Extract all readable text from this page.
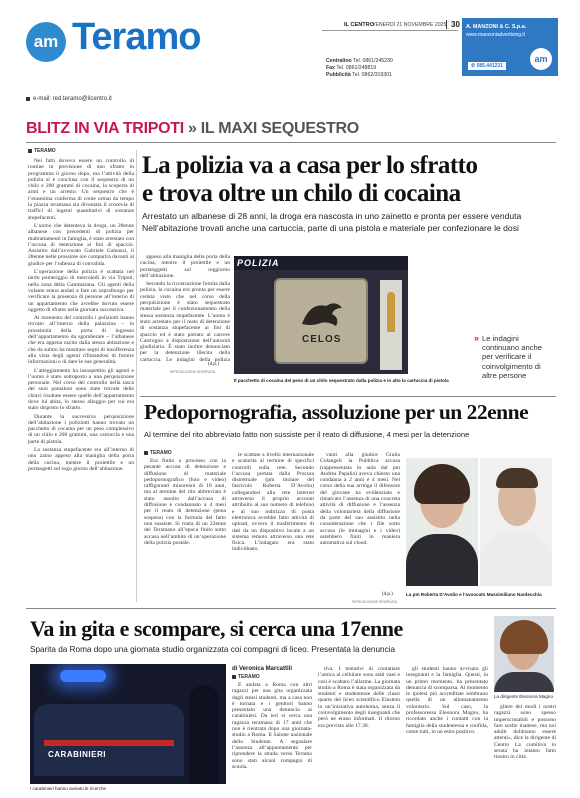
am Teramo	IL CENTRO
VENERDÌ 21 NOVEMBRE 2025 30
Centralino Tel. 0861/245230
Fax Tel. 0861/248819
Pubblicità Tel. 0862/319301
A. MANZONI & C. S.p.a.
www.manzoniadvertising.it
am
✆ 085.441231
e-mail: red.teramo@ilcentro.it
BLITZ IN VIA TRIPOTI » IL MAXI SEQUESTRO
TERAMO
La polizia va a casa per lo sfratto
e trova oltre un chilo di cocaina
Arrestato un albanese di 28 anni, la droga era nascosta in uno zainetto e pronta per essere venduta
Nell’abitazione trovati anche una cartuccia, parte di una pistola e materiale per confezionare le dosi

Nei fatti doveva essere un controllo di routine in previsione di uno sfratto in programma il giorno dopo, ma l’attività della polizia si è conclusa con il sequestro di un chilo e 200 grammi di cocaina, la scoperta di armi e un arresto. Un sequestro che è l’ennesima conferma di come ormai da tempo la piazza teramana sia diventata il crocevia di traffici di ingenti quantitativi di sostanze stupefacenti.

L’uomo che detenteva la droga, un 28enne albanese con precedenti di polizia per maltrattamenti in famiglia, è stato arrestato con l’accusa di detenzione ai fini di spaccio. Assistito dall’avvocato Gabriele Galeazzi, il 28enne nelle prossime ore comparirà davanti al giudice per l’udienza di convalida.

L’operazione della polizia è scattata nel tardo pomeriggio di mercoledì in via Tripoti, nella zona della Gammarana. Gli agenti della volante erano andati a fare un sopralluogo per verificare la presenza di persone all’interno di un appartamento che avrebbe dovuto essere oggetto di sfratto nella giornata successiva.

Al momento del controllo i poliziotti hanno trovato all’interno della palazzina – in prossimità della porta di ingresso dell’appartamento da sgomberare – l’albanese che era appena uscito dalla stessa abitazione e che da subito ha mostrato segni di insofferenza alla vista degli agenti rifiutandosi di fornire informazioni e di dare le sue generalità.

L’atteggiamento ha insospettito gli agenti e l’uomo è stato sottoposto a una perquisizione personale. Nel corso del controllo nella tasca dei suoi pantaloni sono state trovate delle chiavi risultate essere quelle dell’appartamento dove lui abita, lo stesso alloggio per cui era stato disposto lo sfratto.

Durante la successiva perquisizione dell’abitazione i poliziotti hanno trovato un pacchetto di cocaina per un peso complessivo di un chilo e 200 grammi, una cartuccia e una parte di pistola.

La sostanza stupefacente era all’interno di uno zaino appeso alla maniglia della porta della cucina, mentre il proiettile e un portaogetti sul rogo giorno dell’abitazione.

appeso alla maniglia della porta della cucina, mentre il proiettile e un portaoggetti sul reggiorno dell’abitazione.

Secondo la ricostruzione fornita dalla polizia, la cocaina era pronta per essere ceduta visto che nel corso della perquisizione è stato sequestrato materiale per il confezionamento della stessa sostanza stupefacente. L’uomo è stato arrestato per il reato di detenzione di sostanza stupefacente ai fini di spaccio ed è stato portato al carcere Castrogno a disposizione dell’autorità giudiziaria. È stato inoltre denunciato per la detenzione illecita della cartuccia. Le indagini della polizia

(d.p.)
RIPRODUZIONE RISERVATA
POLIZIA
CELOS
Il pacchetto di cocaina del peso di un chilo sequestrato dalla polizia e in alto la cartuccia di pistola
» Le indagini continuano anche per verificare il coinvolgimento di altre persone
Pedopornografia, assoluzione per un 22enne
Al termine del rito abbreviato fatto non sussiste per il reato di diffusione, 4 mesi per la detenzione
TERAMO

Era finito a processo con la pesante accusa di detenzione e diffusione di materiale pedopornografico (foto e video) raffiguranti minorenni di 18 anni, ma al termine del rito abbreviato è stato assolto dall’accusa di diffusione e condannato a 4 mesi per il reato di detenzione (pena sospesa) con la formula del fatto non sussiste. Si tratta di un 22enne del Teramano all’epoca finito sotto accusa nell’ambito di un’operazione della polizia postale.

le scattate a livello internazionale e scaturita al termine di specifici controlli sulla rete. Secondo l’accusa portata dalla Procura distrettuale (pm titolare del fascicolo Roberta D’Avolio) collegandosi alla rete internet attraverso il proprio account attribuito al suo numero di telefono e al suo indirizzo di posta elettronica avrebbe fatto attività di upload, ovvero il trasferimento di dati da un dispositivo locale a un sistema remoto attraverso una rete fisica. L’indagato era stato individuato.

vanti alla giudice Giulia Colangeli la Pubblica accusa (rappresentata in aula dal pm Andrea Papalia) aveva chiesto una condanna a 2 anni e 4 mesi. Nel corso della sua arringa il difensore del giovane ha evidenziato e rimarcato l’assenza di una concreta attività di diffusione e l’assenza della volontarietà della diffusione da parte del suo assistito nella considerazione che i file sotto accusa (le immagini e i video) sarebbero finiti in maniera automatica sul cloud.

(d.p.)
RIPRODUZIONE RISERVATA
La pm Roberta D’Avolio e l’avvocato Massimiliano Nardecchia
Va in gita e scompare, si cerca una 17enne
Sparita da Roma dopo una giornata studio organizzata coi compagni di liceo. Presentata la denuncia
CARABINIERI
I carabinieri hanno avviato le ricerche
di Veronica Marcattili
TERAMO

È andata a Roma con altri ragazzi per una gita organizzata dagli stessi studenti, ma a casa non è tornata e i genitori hanno presentato una denuncia ai carabinieri. Da ieri si cerca una ragazza teramana di 17 anni che non è rientrata dopo una giornata-studio a Roma. Il Salone nazionale dello Studente. A segnalare l’assenza all’appuntamento per riprendere la strada verso Teramo sono stati alcuni compagni di scuola.

tiva. I tentativi di contattare l’amica al cellulare sono stati vani e così è scattato l’allarme. La giornata studio a Roma è stata organizzata da studenti e studentesse delle classi quarte del liceo scientifico Einstein in un’iniziativa autonoma, senza il coinvolgimento degli insegnanti che però ne erano informati. Il ritorno era previsto alle 17.30.

gli studenti hanno avvisato gli insegnanti e la famiglia. Questi, in un primo momento, ha presentato denuncia di scomparsa. Al momento le ipotesi più accreditate sembrano quella di un allontanamento volontario. Sul caso, la professoressa Eleonora Magno, ha ricordato anche i contatti con la famiglia della studentessa e confida, come tutti, in un esito positivo.

La dirigente Eleonora Magno

gliere dei modi i nostri ragazzi sono spesso imperscrutabili e possono fare scelte inattese, ma noi adulti dobbiamo essere attenti», dice la dirigente di Centro La comitiva in serata ha intanto fatto rientro in città.
